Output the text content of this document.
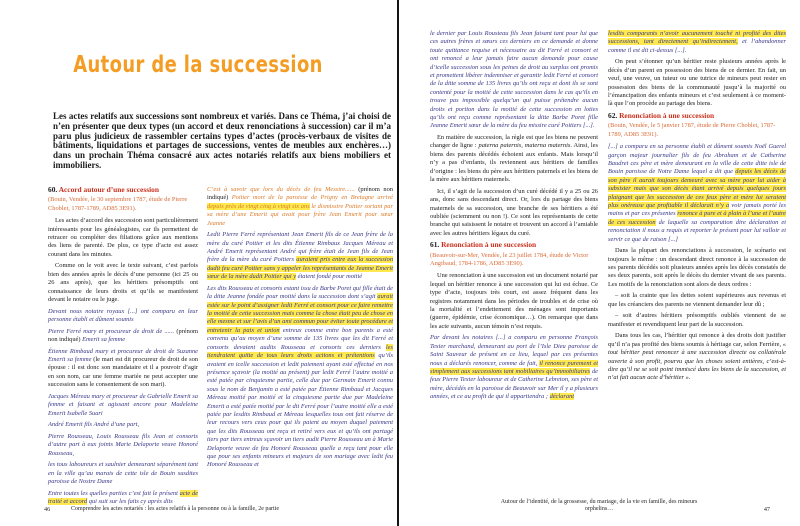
Autour de la succession

Les actes relatifs aux successions sont nombreux et variés. Dans ce Théma, j’ai choisi de n’en présenter que deux types (un accord et deux renonciations à succession) car il m’a paru plus judicieux de rassembler certains types d’actes (procès-verbaux de visites de bâtiments, liquidations et partages de successions, ventes de meubles aux enchères…) dans un prochain Théma consacré aux actes notariés relatifs aux biens mobiliers et immobiliers.

60. Accord autour d’une succession

(Bouin, Vendée, le 30 septembre 1787, étude de Pierre Choblet, 1787-1789, AD85 3E91).

Les actes d’accord des succession sont particulièrement intéressants pour les généalogistes, car ils permettent de retracer ou compléter des filiations grâce aux mentions des liens de parenté. De plus, ce type d’acte est assez courant dans les minutes.

Comme on le voit avec le texte suivant, c’est parfois bien des années après le décès d’une personne (ici 25 ou 26 ans après), que les héritiers présomptifs ont connaissance de leurs droits et qu’ils se manifestent devant le notaire ou le juge.

Devant nous notaire royaux [...] ont comparu en leur personne établi et dûment soumis

Pierre Ferré mary et procureur de droit de ...... (prénom non indiqué) Emerit sa femme

Étienne Rimbaud mary et procureur de droit de Suzanne Emerit sa femme (le mari est dit procureur de droit de son épouse : il est donc son mandataire et il a pouvoir d’agir en son nom, car une femme mariée ne peut accepter une succession sans le consentement de son mari).

Jacques Méreau mary et procureur de Gabrielle Emerit sa femme et faisant et agissant encore pour Madeleine Emerit Isabelle Suari

André Emerit fils André d’une part,

Pierre Rousseau, Louis Rousseau fils Jean et consorts d’autre part à eux joints Marie Delaporte veuve Honoré Rousseau,

les tous laboureurs et saulnier demeurant séparément tant en la ville qu’au marais de cette isle de Bouin susdites paroisse de Nostre Dame

Entre toutes les quelles parties c’est fait le présent acte de traité et accord qui suit sur les faits cy après dits

C’est à savoir que lors du décès de feu Messire...... (prénom non indiqué) Poitier mort de la paroisse de Prigny en Bretagne arrivé depuis près de vingt cinq à vingt six ans le dismissire Poitier sortant par sa mère d’une Emerit qui avait pour frère Jean Emerit pour sœur Jeanne

Ledit Pierre Ferré représentant Jean Emerit fils de ce Jean frère de la mère du curé Poitier et les dits Étienne Rimbaux Jacques Méreau et André Emerit représentant André qui frère était de Jean fils de Jean frère de la mère du curé Poitiers auraient pris entre eux la succession dudit feu curé Poitier sans y appeler les représentants de Jeanne Emerit sœur de la mère dudit Poitier qui y étaient fondé pour moitié

Les dits Rousseau et consorts estant issu de Barbe Poret qui fille était de la ditte Jeanne fondée pour moitié dans la succession dont s’agit aurait estée sur le point d’assigner ledit Ferré et consort pour ce faire remettre la moitié de cette succession mais comme la chose était peu de chose en elle mesme et sur l’avis d’un ami commun pour éviter toute procédure et entretenir la paix et union entreux comme entre bon parents a esté convenu qu’au moyen d’une somme de 135 livres que les dit Ferré et consorts devaient audits Rousseau et consorts ces derniers les tiendraient quitte de tous leurs droits actions et prétentions qu’ils avaient en icelle succession et ledit paiement ayant esté effectué en nos présence sçavoir (la moitié au présent) par ledit Ferré l’autre moitié a esté paiée par cinquiesme partie, celle due par Germain Emerit connu sous le nom de Benjamin a esté paiée par Étienne Rimbaud et Jacques Méreau moitié par moitié et la cinquiesme partie due par Madeleine Emerit a esté paiée moitié par le dit Ferré pour l’autre moitié elle a esté paiée par lesdits Rimbaud et Méreau lesquelles tous ont fait réserve de leur recours vers ceux pour qui ils paient au moyen duquel paiement que les dits Rousseau ont reçu et retiré vers eux et qu’ils ont partagé tiers par tiers entreux sçavoir un tiers audit Pierre Rousseau un à Marie Delaporte veuve de feu Honoré Rousseau quelle a reçu tant pour elle que pour ses enfants mineurs et majeurs de son mariage avec ledit feu Honoré Rousseau et

46	Comprendre les actes notariés : les actes relatifs à la personne ou à la famille, 2e partie

le dernier par Louis Rousteau fils Jean faisant tant pour lui que ces autres frères et sœurs ces derniers en ce demande et donne toute quittance requise et nécessaire au dit Ferré et consort et ont renoncé a leur jamais faire aucun demande pour cause d’icelle succession sous les peines de droit au surplus ont promis et promettent libérer indemniser et garantir ledit Ferré et consort de la ditte somme de 135 livres qu’ils ont reçu et dont ils se sont contenté pour la moitié de cette succession dans le cas qu’ils en trouve pas impossible quelqu’un qui puisse prétendre aucun droits et portion dans la moitié de cette succession en loties qu’ils ont reçu comme représentant la ditte Barbe Poret fille Jeanne Emerit sœur de la mère du feu missire curé Poitiers [...].

En matière de succession, la règle est que les biens ne peuvent changer de ligne : paterna paternis, materna maternis. Ainsi, les biens des parents décédés échoient aux enfants. Mais lorsqu’il n’y a pas d’enfants, ils reviennent aux héritiers de familles d’origine : les biens du père aux héritiers paternels et les biens de la mère aux héritiers maternels.

Ici, il s’agit de la succession d’un curé décédé il y a 25 ou 26 ans, donc sans descendant direct. Or, lors du partage des biens maternels de sa succession, une branche de ses héritiers a été oubliée (sciemment ou non !). Ce sont les représentants de cette branche qui saisissent le notaire et trouvent un accord à l’amiable avec les autres héritiers légaux du curé.

61. Renonciation à une succession

(Beauvoir-sur-Mer, Vendée, le 23 juillet 1784, étude de Victor Angibaud, 1784-1786, AD85 3E90).

Une renonciation à une succession est un document notarié par lequel un héritier renonce à une succession qui lui est échue. Ce type d’acte, toujours très court, est assez fréquent dans les registres notamment dans les périodes de troubles et de crise où la mortalité et l’endettement des ménages sont importants (guerre, épidémie, crise économique…). On remarque que dans les acte suivants, aucun témoin n’est requis.

Par devant les notaires [...] a comparu en personne François Texier marchand, demeurant au port de l’Isle Dieu paroisse de Saint Sauveur de présent en ce lieu, lequel par ces présentes nous a déclarés renoncer, comme de fait, il renonce purement et simplement aux successions tant mobiliaires qu’immobiliaires de feux Pierre Texier laboureur et de Catherine Lebreton, ses père et mère, décédés en la paroisse de Beauvoir sur Mer il y a plusieurs années, et ce au profit de qui il appartiendra ; déclarant

lesdits comparants n’avoir aucunement touché ni profité des dites successions, tant directement qu’indirectement, et l’abandonner comme il est dit ci-dessus [...].

On peut s’étonner qu’un héritier reste plusieurs années après le décès d’un parent en possession des biens de ce dernier. En fait, un veuf, une veuve, un tuteur ou une tutrice de mineurs peut rester en possession des biens de la communauté jusqu’à la majorité ou l’émancipation des enfants mineurs et c’est seulement à ce moment-là que l’on procède au partage des biens.

62. Renonciation à une succession

(Bouin, Vendée, le 5 janvier 1787, étude de Pierre Choblet, 1787-1789, AD85 3E91).

[...] a comparu en sa personne établi et dûment soumis Noël Guerel garçon majeur journalier fils de feu Abraham et de Catherine Baudret ces père et mère demeurant en la ville de cette ditte isle de Bouin paroisse de Notre Dame lequel a dit que depuis les décès de son père il aurait toujours demeuré avec sa mère pour lui aider à subsister mais que son décès étant arrivé depuis quelques jours plaignant que les succession de ces feux père et mère lui seraient plus onéreuse que profitable il déclarait n’y a voir jamais porté les mains et par ces présentes renonce à pure et à plain à l’une et l’autre de ces succession de laquelle sa comparution dire déclaration et renonciation il nous a requis et reporter le présent pour lui valloir et servir ce que de raison [...]

Dans la plupart des renonciations à succession, le scénario est toujours le même : un descendant direct renonce à la succession de ses parents décédés soit plusieurs années après les décès constatés de ses deux parents, soit après le décès du dernier vivant de ses parents. Les motifs de la renonciation sont alors de deux ordres :

– soit la crainte que les dettes soient supérieures aux revenus et que les créanciers des parents ne viennent demander leur dû ;

– soit d’autres héritiers présomptifs oubliés viennent de se manifester et revendiquent leur part de la succession.

Dans tous les cas, l’héritier qui renonce à des droits doit justifier qu’il n’a pas profité des biens soumis à héritage car, selon Ferrière, « tout héritier peut renoncer à une succession directe ou collatérale ouverte à son profit, pourvu que les choses soient entières, c’est-à-dire qu’il ne se soit point immiscé dans les biens de la succession, et n’ai fait aucun acte d’héritier ».

Autour de l’identité, de la grossesse, du mariage, de la vie en famille, des mineurs orphelins…	47
